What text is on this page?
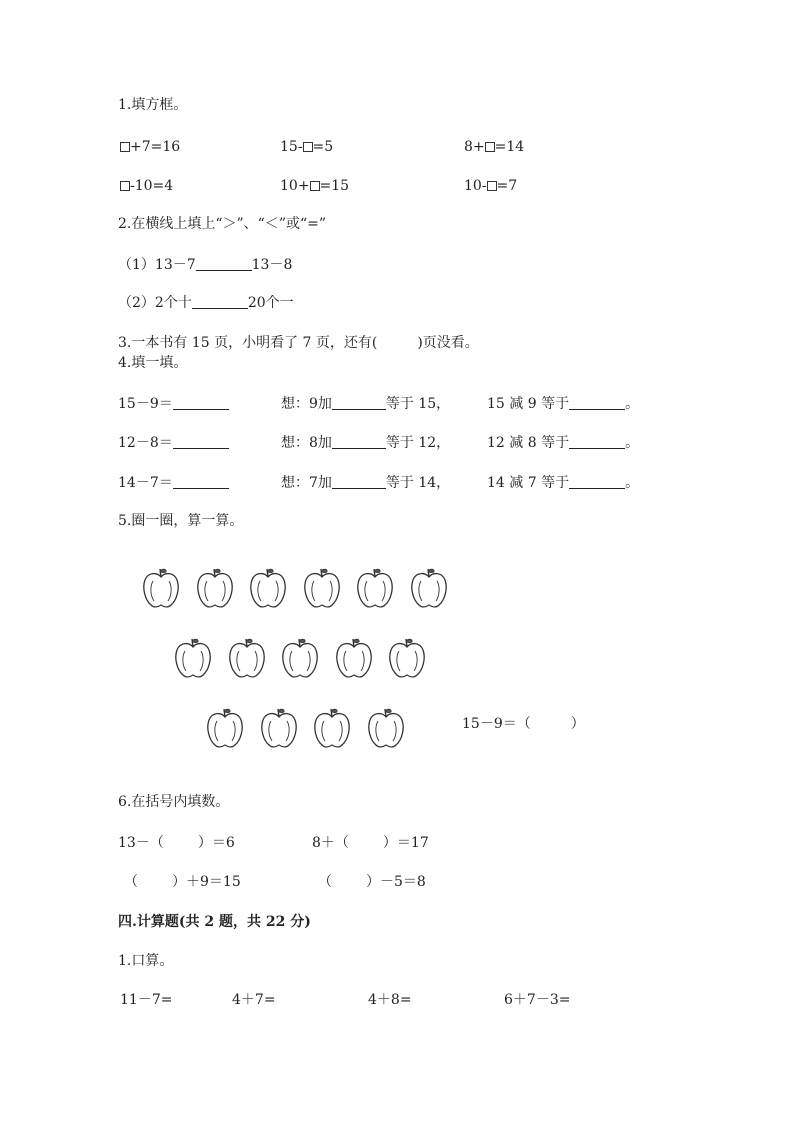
1.填方框。
+7=16	15- =5	8+ =14
-10=4	10+ =15	10- =7
2.在横线上填上“＞”、“＜”或“=”
（1）13－7	13－8
（2）2个十	20个一
3.一本书有 15 页，小明看了 7 页，还有(	)页没看。
4.填一填。
15－9＝	想：9加	等于 15，	15 减 9 等于	。
12－8＝	想：8加	等于 12，	12 减 8 等于	。
14－7＝	想：7加	等于 14，	14 减 7 等于	。
5.圈一圈，算一算。
15－9＝（	）
6.在括号内填数。
13－（ ）＝6	8＋（ ）＝17
（ ）＋9＝15	（ ）－5＝8
四.计算题(共 2 题，共 22 分)
1.口算。
11－7=	4＋7=	4＋8=	6＋7－3=
